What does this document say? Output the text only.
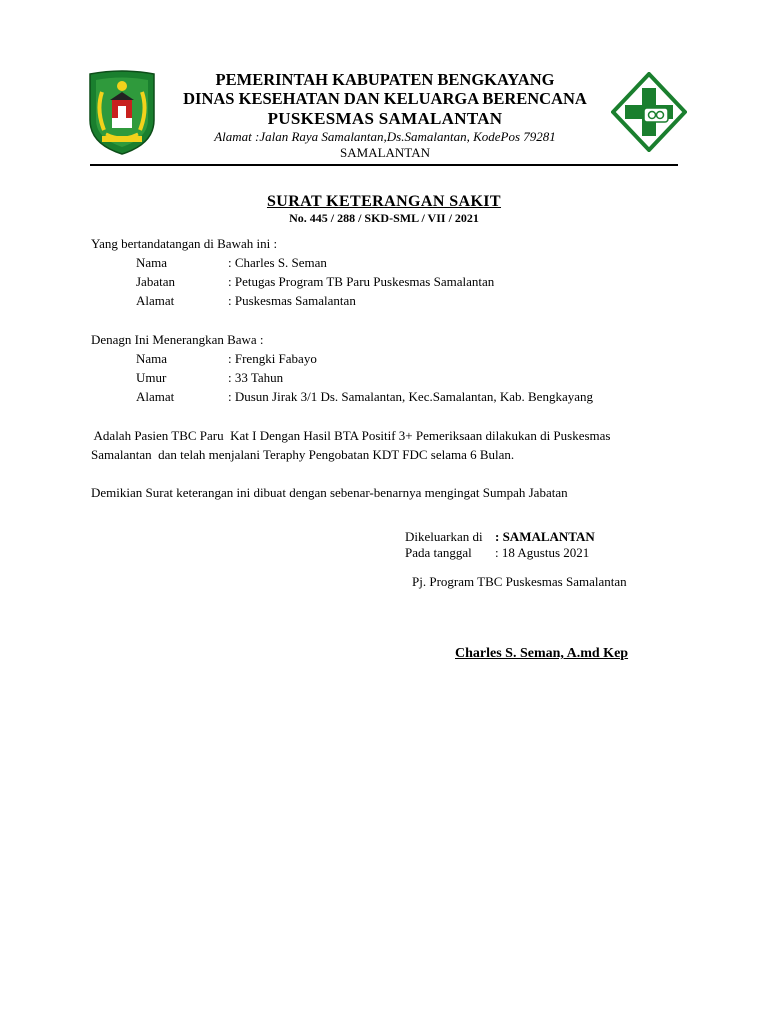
PEMERINTAH KABUPATEN BENGKAYANG
DINAS KESEHATAN DAN KELUARGA BERENCANA
PUSKESMAS SAMALANTAN
Alamat :Jalan Raya Samalantan,Ds.Samalantan, KodePos 79281
SAMALANTAN
SURAT KETERANGAN SAKIT
No. 445 / 288 / SKD-SML / VII / 2021
Yang bertandatangan di Bawah ini :
Nama	: Charles S. Seman
Jabatan	: Petugas Program TB Paru Puskesmas Samalantan
Alamat	: Puskesmas Samalantan
Denagn Ini Menerangkan Bawa :
Nama	: Frengki Fabayo
Umur	: 33 Tahun
Alamat	: Dusun Jirak 3/1 Ds. Samalantan, Kec.Samalantan, Kab. Bengkayang
Adalah Pasien TBC Paru  Kat I Dengan Hasil BTA Positif 3+ Pemeriksaan dilakukan di Puskesmas
Samalantan  dan telah menjalani Teraphy Pengobatan KDT FDC selama 6 Bulan.
Demikian Surat keterangan ini dibuat dengan sebenar-benarnya mengingat Sumpah Jabatan
Dikeluarkan di : SAMALANTAN
Pada tanggal : 18 Agustus 2021
Pj. Program TBC Puskesmas Samalantan
Charles S. Seman, A.md Kep
